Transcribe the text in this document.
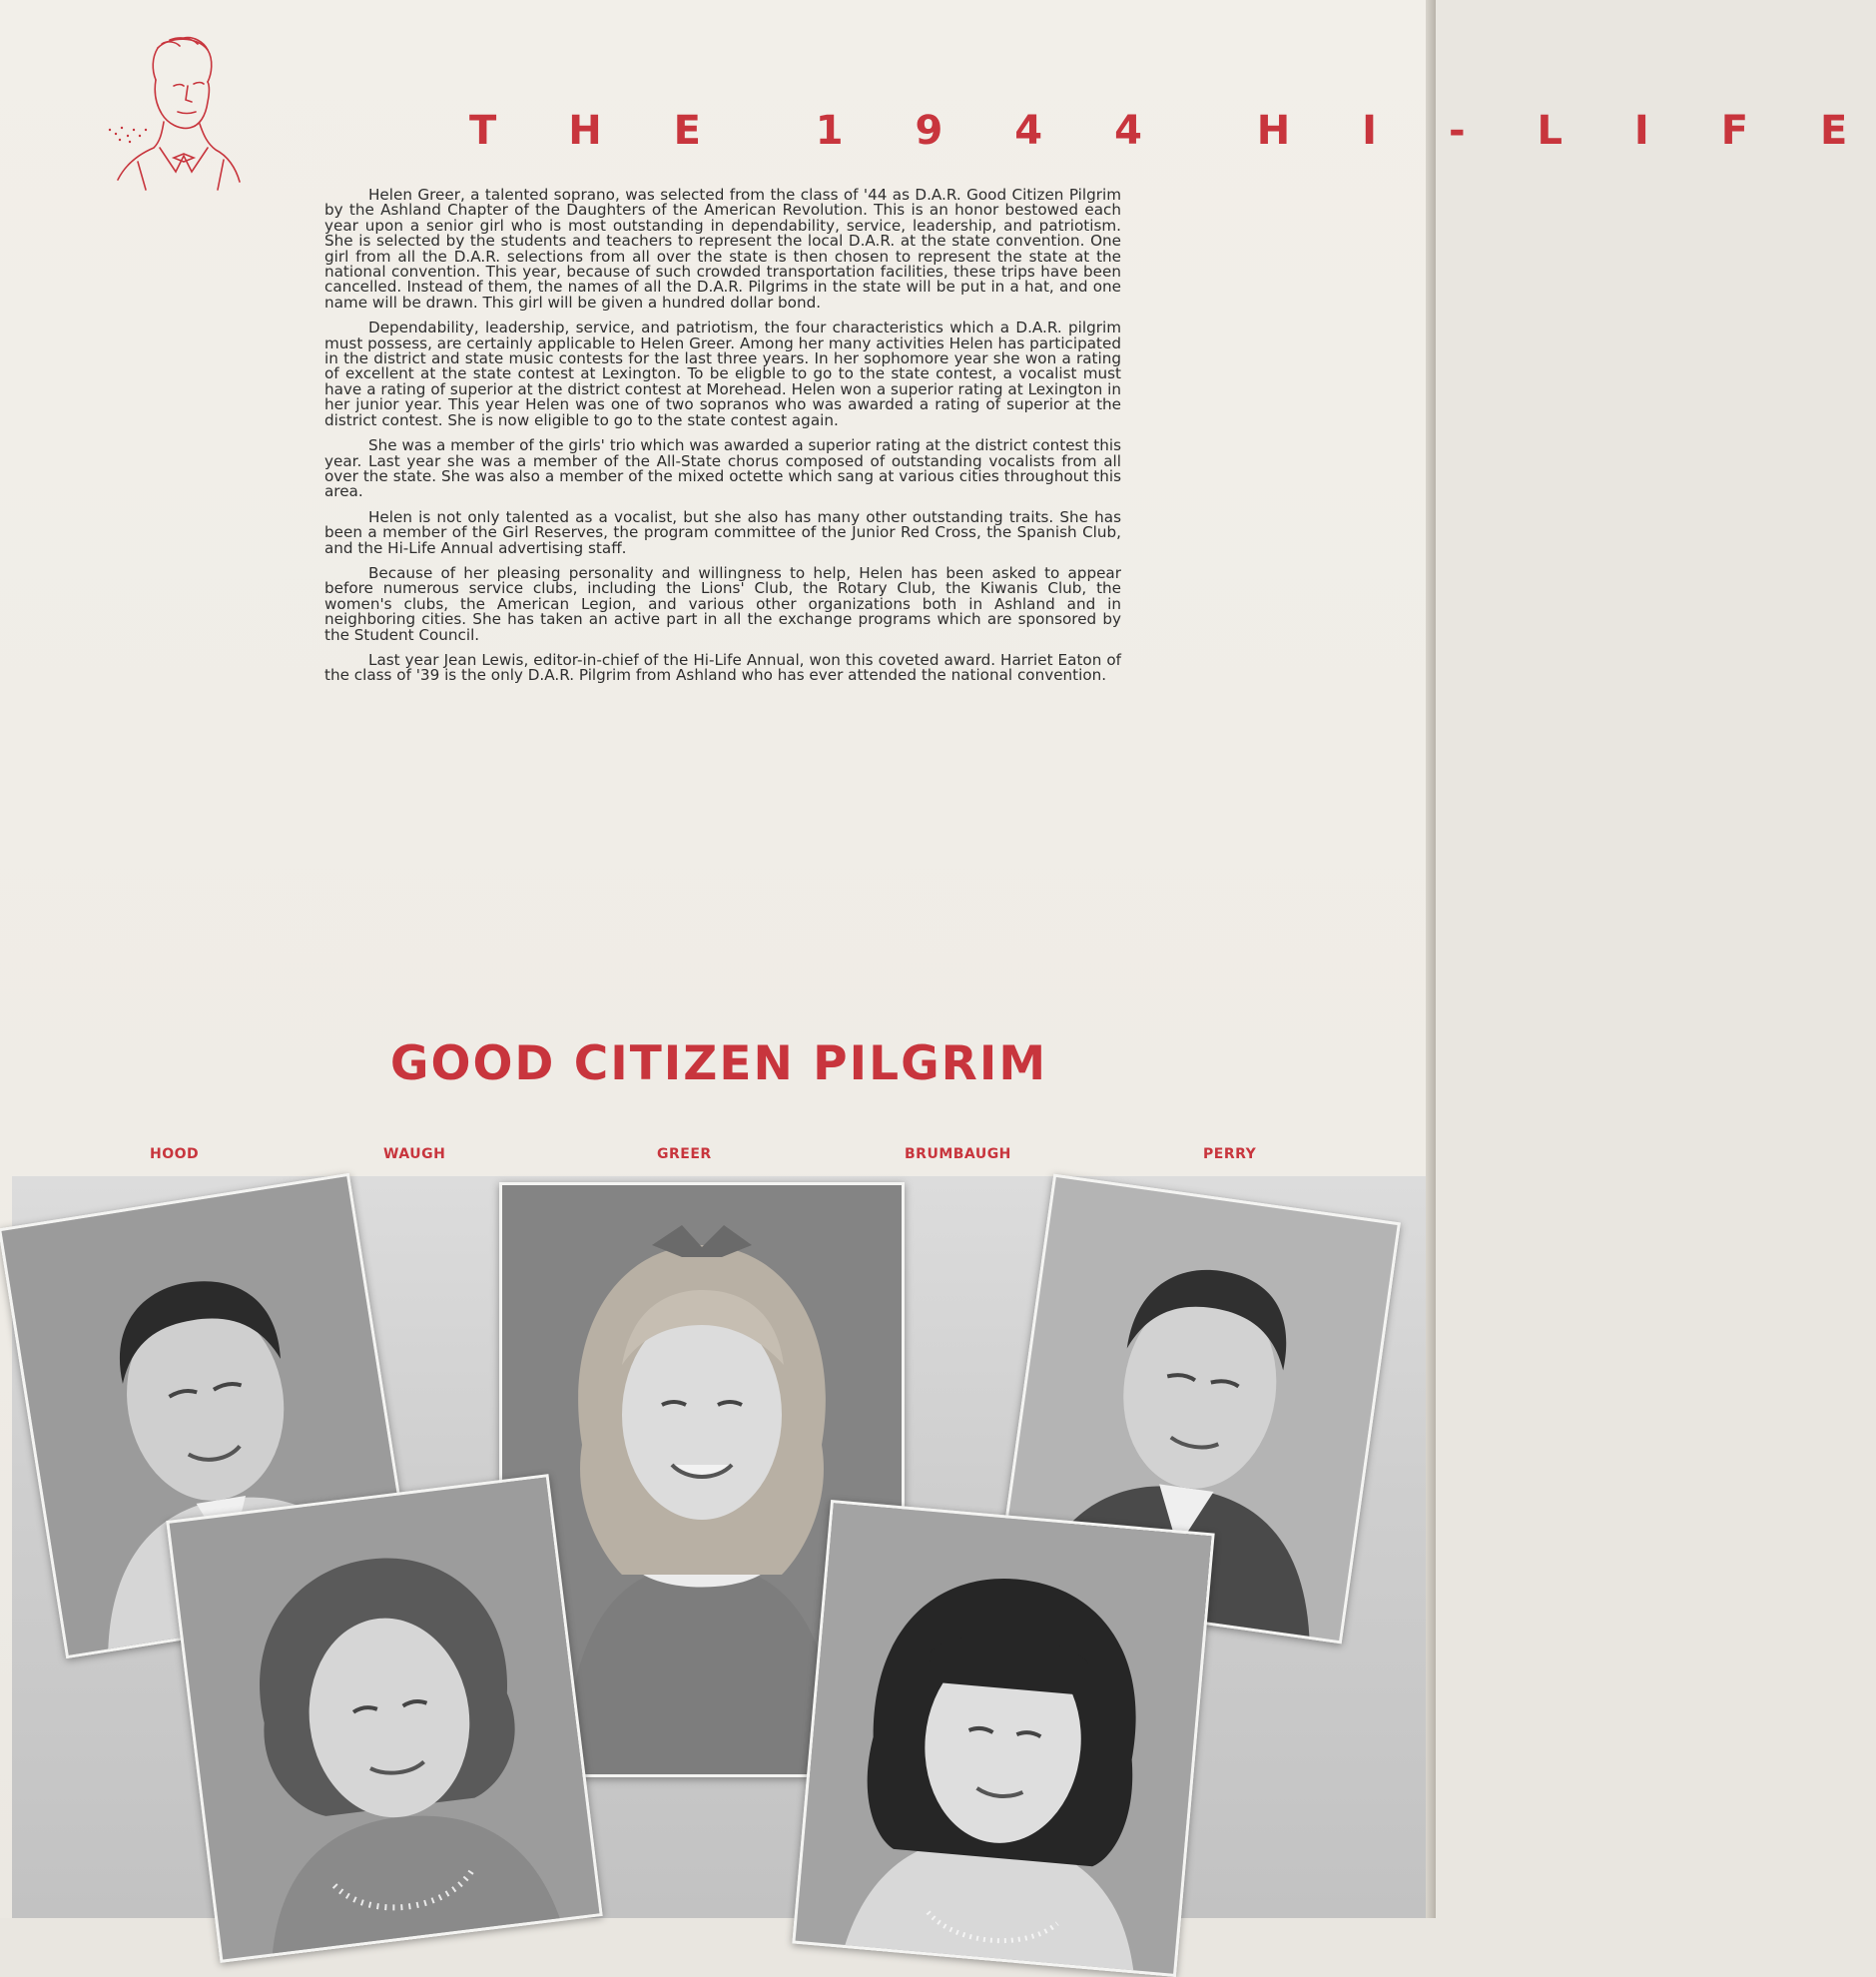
T H E  1 9 4 4  H I - L I F E

Helen Greer, a talented soprano, was selected from the class of '44 as D.A.R. Good Citizen Pilgrim by the Ashland Chapter of the Daughters of the American Revolution. This is an honor bestowed each year upon a senior girl who is most outstanding in dependability, service, leadership, and patriotism. She is selected by the students and teachers to represent the local D.A.R. at the state convention. One girl from all the D.A.R. selections from all over the state is then chosen to represent the state at the national convention. This year, because of such crowded transportation facilities, these trips have been cancelled. Instead of them, the names of all the D.A.R. Pilgrims in the state will be put in a hat, and one name will be drawn. This girl will be given a hundred dollar bond.

Dependability, leadership, service, and patriotism, the four characteristics which a D.A.R. pilgrim must possess, are certainly applicable to Helen Greer. Among her many activities Helen has participated in the district and state music contests for the last three years. In her sophomore year she won a rating of excellent at the state contest at Lexington. To be eligble to go to the state contest, a vocalist must have a rating of superior at the district contest at Morehead. Helen won a superior rating at Lexington in her junior year. This year Helen was one of two sopranos who was awarded a rating of superior at the district contest. She is now eligible to go to the state contest again.

She was a member of the girls' trio which was awarded a superior rating at the district contest this year. Last year she was a member of the All-State chorus composed of outstanding vocalists from all over the state. She was also a member of the mixed octette which sang at various cities throughout this area.

Helen is not only talented as a vocalist, but she also has many other outstanding traits. She has been a member of the Girl Reserves, the program committee of the Junior Red Cross, the Spanish Club, and the Hi-Life Annual advertising staff.

Because of her pleasing personality and willingness to help, Helen has been asked to appear before numerous service clubs, including the Lions' Club, the Rotary Club, the Kiwanis Club, the women's clubs, the American Legion, and various other organizations both in Ashland and in neighboring cities. She has taken an active part in all the exchange programs which are sponsored by the Student Council.

Last year Jean Lewis, editor-in-chief of the Hi-Life Annual, won this coveted award. Harriet Eaton of the class of '39 is the only D.A.R. Pilgrim from Ashland who has ever attended the national convention.

GOOD CITIZEN PILGRIM
HOOD	WAUGH	GREER	BRUMBAUGH	PERRY
